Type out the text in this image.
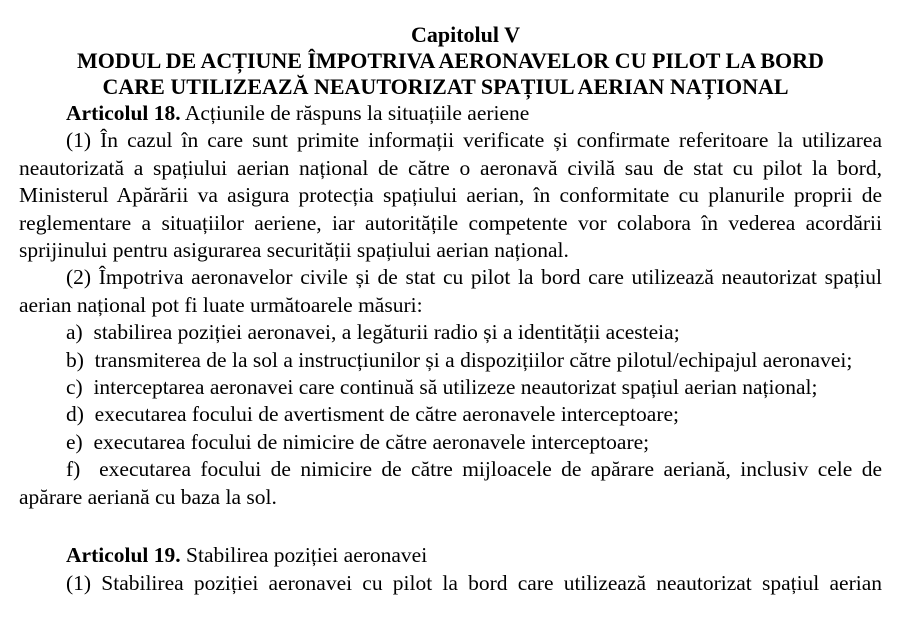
Capitolul V
MODUL DE ACȚIUNE ÎMPOTRIVA AERONAVELOR CU PILOT LA BORD
CARE UTILIZEAZĂ NEAUTORIZAT SPAȚIUL AERIAN NAȚIONAL
Articolul 18. Acțiunile de răspuns la situațiile aeriene
(1) În cazul în care sunt primite informații verificate și confirmate referitoare la utilizarea neautorizată a spațiului aerian național de către o aeronavă civilă sau de stat cu pilot la bord, Ministerul Apărării va asigura protecția spațiului aerian, în conformitate cu planurile proprii de reglementare a situațiilor aeriene, iar autoritățile competente vor colabora în vederea acordării sprijinului pentru asigurarea securității spațiului aerian național.
(2) Împotriva aeronavelor civile și de stat cu pilot la bord care utilizează neautorizat spațiul aerian național pot fi luate următoarele măsuri:
a) stabilirea poziției aeronavei, a legăturii radio și a identității acesteia;
b) transmiterea de la sol a instrucțiunilor și a dispozițiilor către pilotul/echipajul aeronavei;
c) interceptarea aeronavei care continuă să utilizeze neautorizat spațiul aerian național;
d) executarea focului de avertisment de către aeronavele interceptoare;
e) executarea focului de nimicire de către aeronavele interceptoare;
f) executarea focului de nimicire de către mijloacele de apărare aeriană, inclusiv cele de apărare aeriană cu baza la sol.
Articolul 19. Stabilirea poziției aeronavei
(1) Stabilirea poziției aeronavei cu pilot la bord care utilizează neautorizat spațiul aerian
